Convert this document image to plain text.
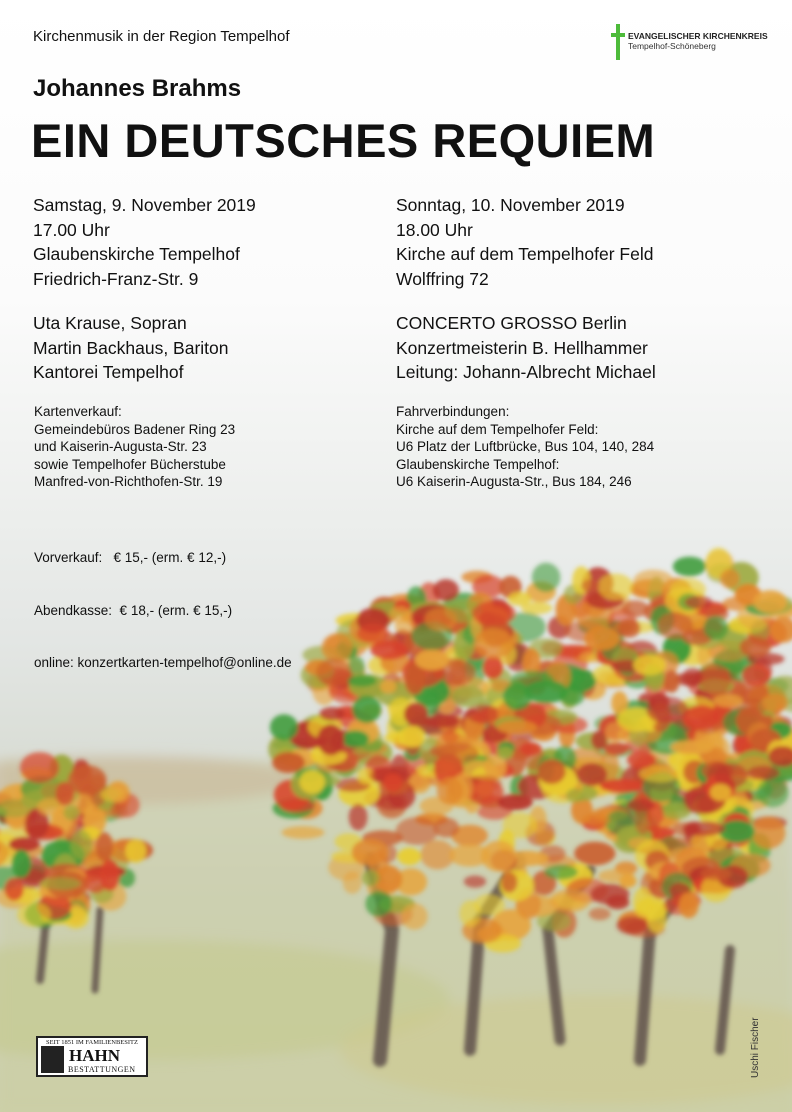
Kirchenmusik in der Region Tempelhof	EVANGELISCHER KIRCHENKREIS
Tempelhof-Schöneberg
Johannes Brahms
EIN DEUTSCHES REQUIEM
Samstag, 9. November 2019
17.00 Uhr
Glaubenskirche Tempelhof
Friedrich-Franz-Str. 9
Sonntag, 10. November 2019
18.00 Uhr
Kirche auf dem Tempelhofer Feld
Wolffring 72
Uta Krause, Sopran
Martin Backhaus, Bariton
Kantorei Tempelhof
CONCERTO GROSSO Berlin
Konzertmeisterin B. Hellhammer
Leitung: Johann-Albrecht Michael
Kartenverkauf:
Gemeindebüros Badener Ring 23
und Kaiserin-Augusta-Str. 23
sowie Tempelhofer Bücherstube
Manfred-von-Richthofen-Str. 19

Vorverkauf:   € 15,- (erm. € 12,-)

Abendkasse:  € 18,- (erm. € 15,-)

online: konzertkarten-tempelhof@online.de

Fahrverbindungen:
Kirche auf dem Tempelhofer Feld:
U6 Platz der Luftbrücke, Bus 104, 140, 284
Glaubenskirche Tempelhof:
U6 Kaiserin-Augusta-Str., Bus 184, 246
SEIT 1851 IM FAMILIENBESITZ
HAHN
BESTATTUNGEN	Uschi Fischer
